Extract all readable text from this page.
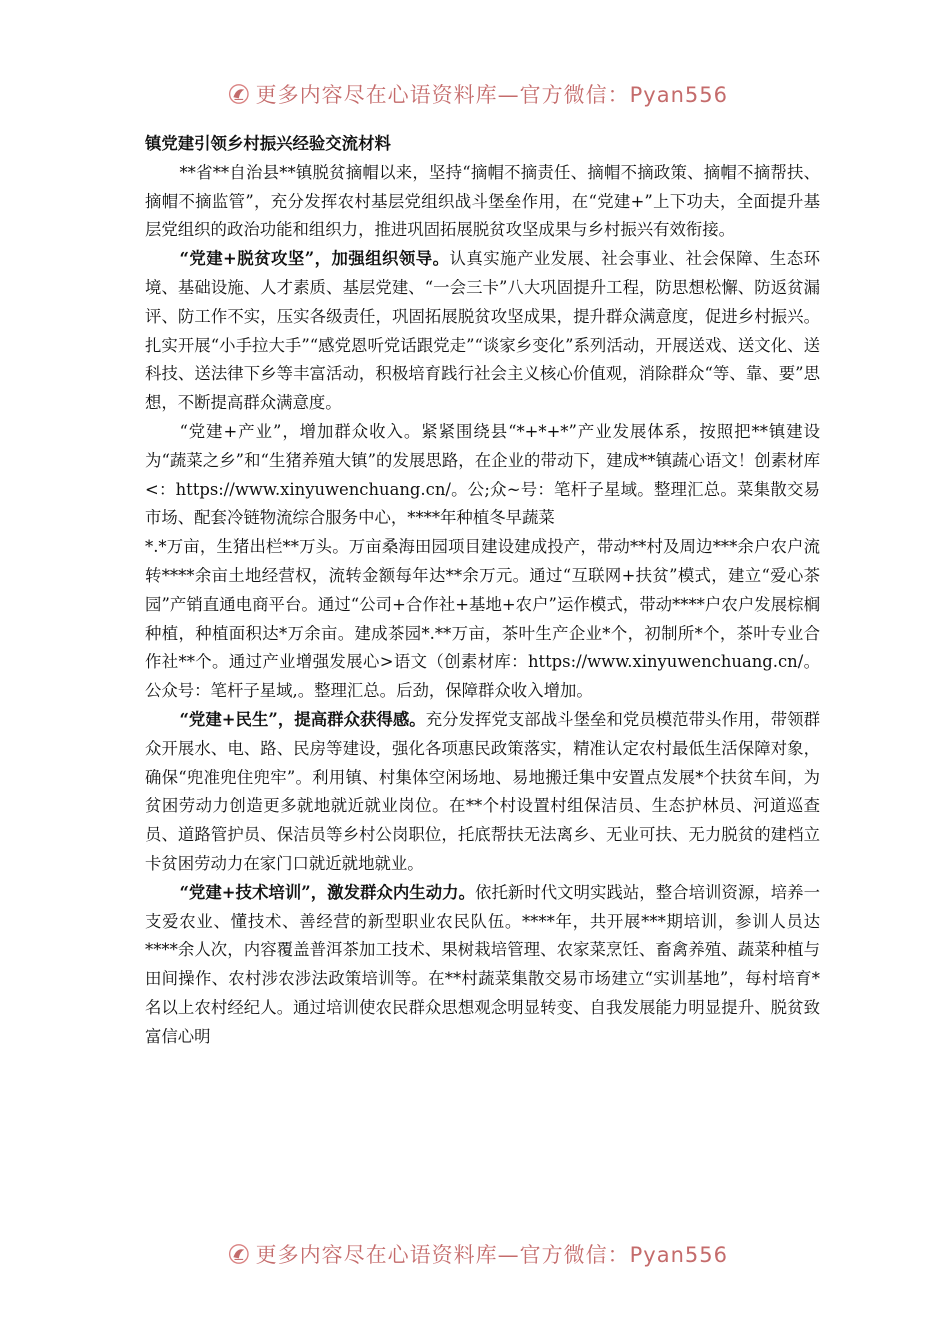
更多内容尽在心语资料库—官方微信：Pyan556

镇党建引领乡村振兴经验交流材料

**省**自治县**镇脱贫摘帽以来，坚持“摘帽不摘责任、摘帽不摘政策、摘帽不摘帮扶、摘帽不摘监管”，充分发挥农村基层党组织战斗堡垒作用，在“党建+”上下功夫，全面提升基层党组织的政治功能和组织力，推进巩固拓展脱贫攻坚成果与乡村振兴有效衔接。

“党建+脱贫攻坚”，加强组织领导。认真实施产业发展、社会事业、社会保障、生态环境、基础设施、人才素质、基层党建、“一会三卡”八大巩固提升工程，防思想松懈、防返贫漏评、防工作不实，压实各级责任，巩固拓展脱贫攻坚成果，提升群众满意度，促进乡村振兴。扎实开展“小手拉大手”“感党恩听党话跟党走”“谈家乡变化”系列活动，开展送戏、送文化、送科技、送法律下乡等丰富活动，积极培育践行社会主义核心价值观，消除群众“等、靠、要”思想，不断提高群众满意度。

“党建+产业”，增加群众收入。紧紧围绕县“*+*+*”产业发展体系，按照把**镇建设为“蔬菜之乡”和“生猪养殖大镇”的发展思路，在企业的带动下，建成**镇蔬心语文！创素材库<：https://www.xinyuwenchuang.cn/。公;众~号：笔杆子星域。整理汇总。菜集散交易市场、配套冷链物流综合服务中心，****年种植冬早蔬菜

*.*万亩，生猪出栏**万头。万亩桑海田园项目建设建成投产，带动**村及周边***余户农户流转****余亩土地经营权，流转金额每年达**余万元。通过“互联网+扶贫”模式，建立“爱心茶园”产销直通电商平台。通过“公司+合作社+基地+农户”运作模式，带动****户农户发展棕榈种植，种植面积达*万余亩。建成茶园*.**万亩，茶叶生产企业*个，初制所*个，茶叶专业合作社**个。通过产业增强发展心>语文（创素材库：https://www.xinyuwenchuang.cn/。公众号：笔杆子星域,。整理汇总。后劲，保障群众收入增加。

“党建+民生”，提高群众获得感。充分发挥党支部战斗堡垒和党员模范带头作用，带领群众开展水、电、路、民房等建设，强化各项惠民政策落实，精准认定农村最低生活保障对象，确保“兜准兜住兜牢”。利用镇、村集体空闲场地、易地搬迁集中安置点发展*个扶贫车间，为贫困劳动力创造更多就地就近就业岗位。在**个村设置村组保洁员、生态护林员、河道巡查员、道路管护员、保洁员等乡村公岗职位，托底帮扶无法离乡、无业可扶、无力脱贫的建档立卡贫困劳动力在家门口就近就地就业。

“党建+技术培训”，激发群众内生动力。依托新时代文明实践站，整合培训资源，培养一支爱农业、懂技术、善经营的新型职业农民队伍。****年，共开展***期培训，参训人员达****余人次，内容覆盖普洱茶加工技术、果树栽培管理、农家菜烹饪、畜禽养殖、蔬菜种植与田间操作、农村涉农涉法政策培训等。在**村蔬菜集散交易市场建立“实训基地”，每村培育*名以上农村经纪人。通过培训使农民群众思想观念明显转变、自我发展能力明显提升、脱贫致富信心明

更多内容尽在心语资料库—官方微信：Pyan556
